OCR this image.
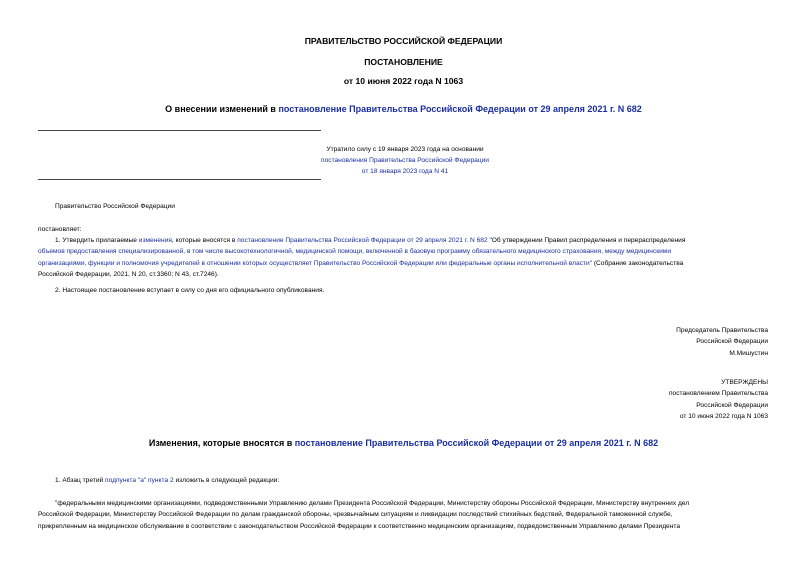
ПРАВИТЕЛЬСТВО РОССИЙСКОЙ ФЕДЕРАЦИИ
ПОСТАНОВЛЕНИЕ
от 10 июня 2022 года N 1063
О внесении изменений в постановление Правительства Российской Федерации от 29 апреля 2021 г. N 682
Утратило силу с 19 января 2023 года на основании
постановления Правительства Российской Федерации
от 18 января 2023 года N 41
Правительство Российской Федерации
постановляет:
1. Утвердить прилагаемые изменения, которые вносятся в постановление Правительства Российской Федерации от 29 апреля 2021 г. N 682 "Об утверждении Правил распределения и перераспределения
объемов предоставления специализированной, в том числе высокотехнологичной, медицинской помощи, включенной в базовую программу обязательного медицинского страхования, между медицинскими
организациями, функции и полномочия учредителей в отношении которых осуществляет Правительство Российской Федерации или федеральные органы исполнительной власти" (Собрание законодательства
Российской Федерации, 2021, N 20, ст.3360; N 43, ст.7246).
2. Настоящее постановление вступает в силу со дня его официального опубликования.
Председатель Правительства
Российской Федерации
М.Мишустин
УТВЕРЖДЕНЫ
постановлением Правительства
Российской Федерации
от 10 июня 2022 года N 1063
Изменения, которые вносятся в постановление Правительства Российской Федерации от 29 апреля 2021 г. N 682
1. Абзац третий подпункта "а" пункта 2 изложить в следующей редакции:
"федеральными медицинскими организациями, подведомственными Управлению делами Президента Российской Федерации, Министерству обороны Российской Федерации, Министерству внутренних дел
Российской Федерации, Министерству Российской Федерации по делам гражданской обороны, чрезвычайным ситуациям и ликвидации последствий стихийных бедствий, Федеральной таможенной службе,
прикрепленным на медицинское обслуживание в соответствии с законодательством Российской Федерации к соответственно медицинским организациям, подведомственным Управлению делами Президента
